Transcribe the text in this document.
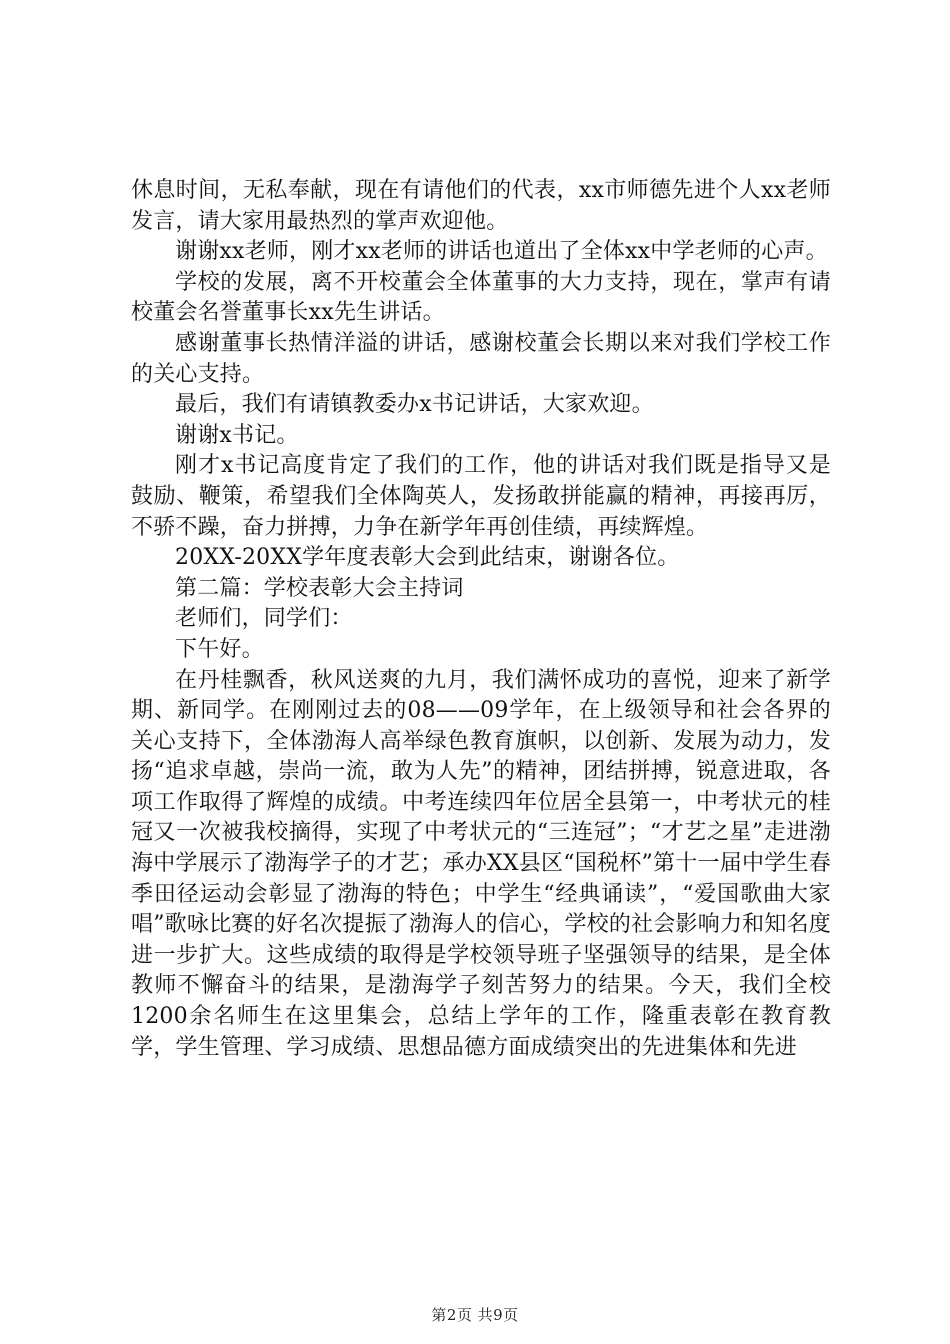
休息时间，无私奉献，现在有请他们的代表，xx市师德先进个人xx老师发言，请大家用最热烈的掌声欢迎他。

谢谢xx老师，刚才xx老师的讲话也道出了全体xx中学老师的心声。

学校的发展，离不开校董会全体董事的大力支持，现在，掌声有请校董会名誉董事长xx先生讲话。

感谢董事长热情洋溢的讲话，感谢校董会长期以来对我们学校工作的关心支持。

最后，我们有请镇教委办x书记讲话，大家欢迎。

谢谢x书记。

刚才x书记高度肯定了我们的工作，他的讲话对我们既是指导又是鼓励、鞭策，希望我们全体陶英人，发扬敢拼能赢的精神，再接再厉，不骄不躁，奋力拼搏，力争在新学年再创佳绩，再续辉煌。

20XX-20XX学年度表彰大会到此结束，谢谢各位。

第二篇：学校表彰大会主持词

老师们，同学们：

下午好。

在丹桂飘香，秋风送爽的九月，我们满怀成功的喜悦，迎来了新学期、新同学。在刚刚过去的08——09学年，在上级领导和社会各界的关心支持下，全体渤海人高举绿色教育旗帜，以创新、发展为动力，发扬“追求卓越，崇尚一流，敢为人先”的精神，团结拼搏，锐意进取，各项工作取得了辉煌的成绩。中考连续四年位居全县第一，中考状元的桂冠又一次被我校摘得，实现了中考状元的“三连冠”；“才艺之星”走进渤海中学展示了渤海学子的才艺；承办XX县区“国税杯”第十一届中学生春季田径运动会彰显了渤海的特色；中学生“经典诵读”，“爱国歌曲大家唱”歌咏比赛的好名次提振了渤海人的信心，学校的社会影响力和知名度进一步扩大。这些成绩的取得是学校领导班子坚强领导的结果，是全体教师不懈奋斗的结果，是渤海学子刻苦努力的结果。今天，我们全校1200余名师生在这里集会，总结上学年的工作，隆重表彰在教育教学，学生管理、学习成绩、思想品德方面成绩突出的先进集体和先进

第2页 共9页
